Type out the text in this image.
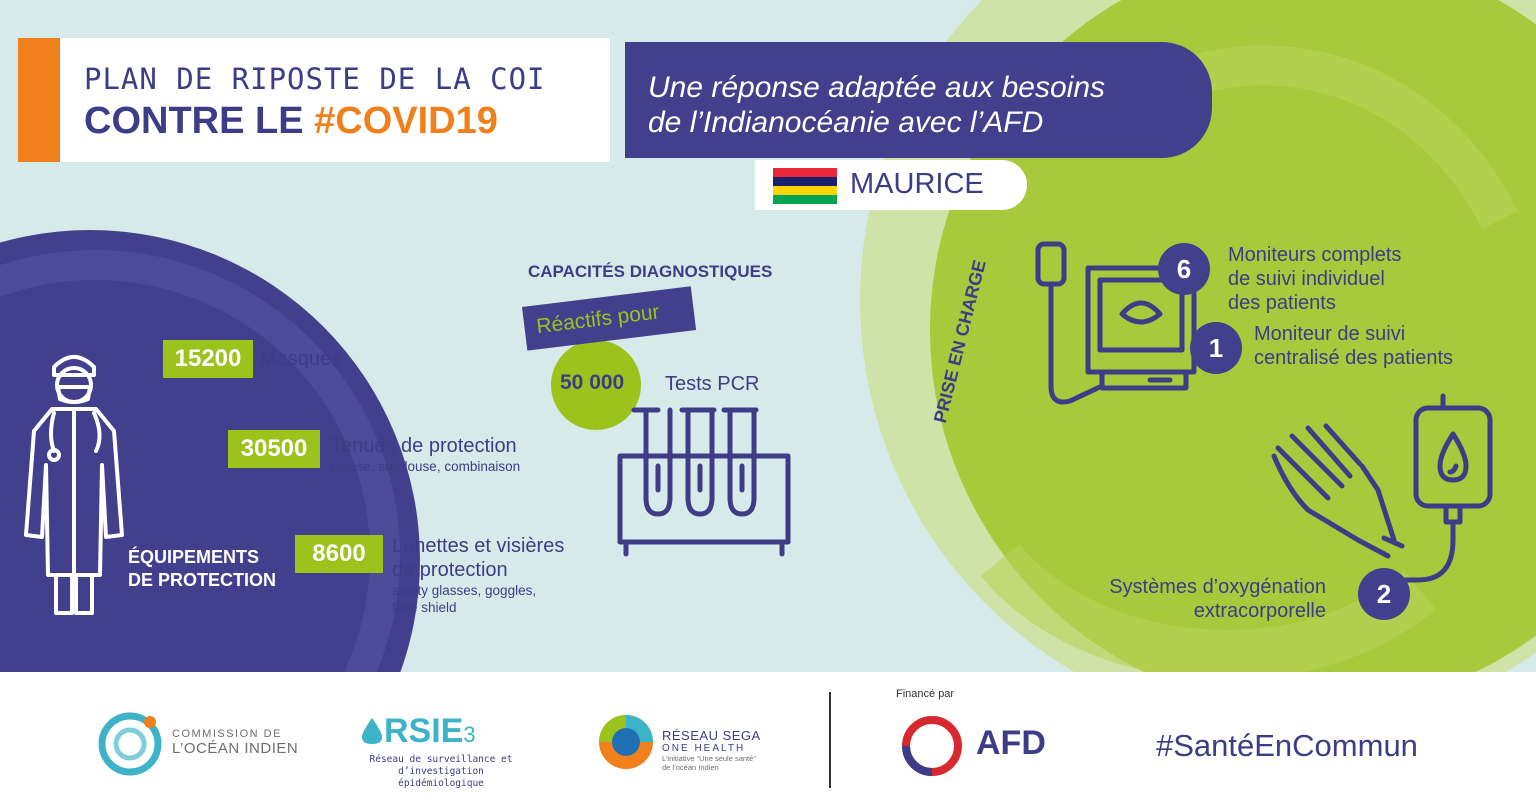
PLAN DE RIPOSTE DE LA COI
CONTRE LE #COVID19
Une réponse adaptée aux besoins
de l’Indianocéanie avec l’AFD
MAURICE
15200 Masques
30500	Tenues de protection
blouse, surblouse, combinaison
8600	Lunettes et visières
de protection
safety glasses, goggles,
face shield
ÉQUIPEMENTS
DE PROTECTION
CAPACITÉS DIAGNOSTIQUES
Réactifs pour
50 000 Tests PCR	PRISE EN CHARGE	6	Moniteurs complets
de suivi individuel
des patients
1	Moniteur de suivi
centralisé des patients
2
Systèmes d’oxygénation
extracorporelle
COMMISSION DE
L’OCÉAN INDIEN	RSIE3
Réseau de surveillance et
d’investigation épidémiologique
RÉSEAU SEGA
ONE HEALTH
L’initiative “Une seule santé”
de l’océan Indien
Financé par
AFD	#SantéEnCommun
